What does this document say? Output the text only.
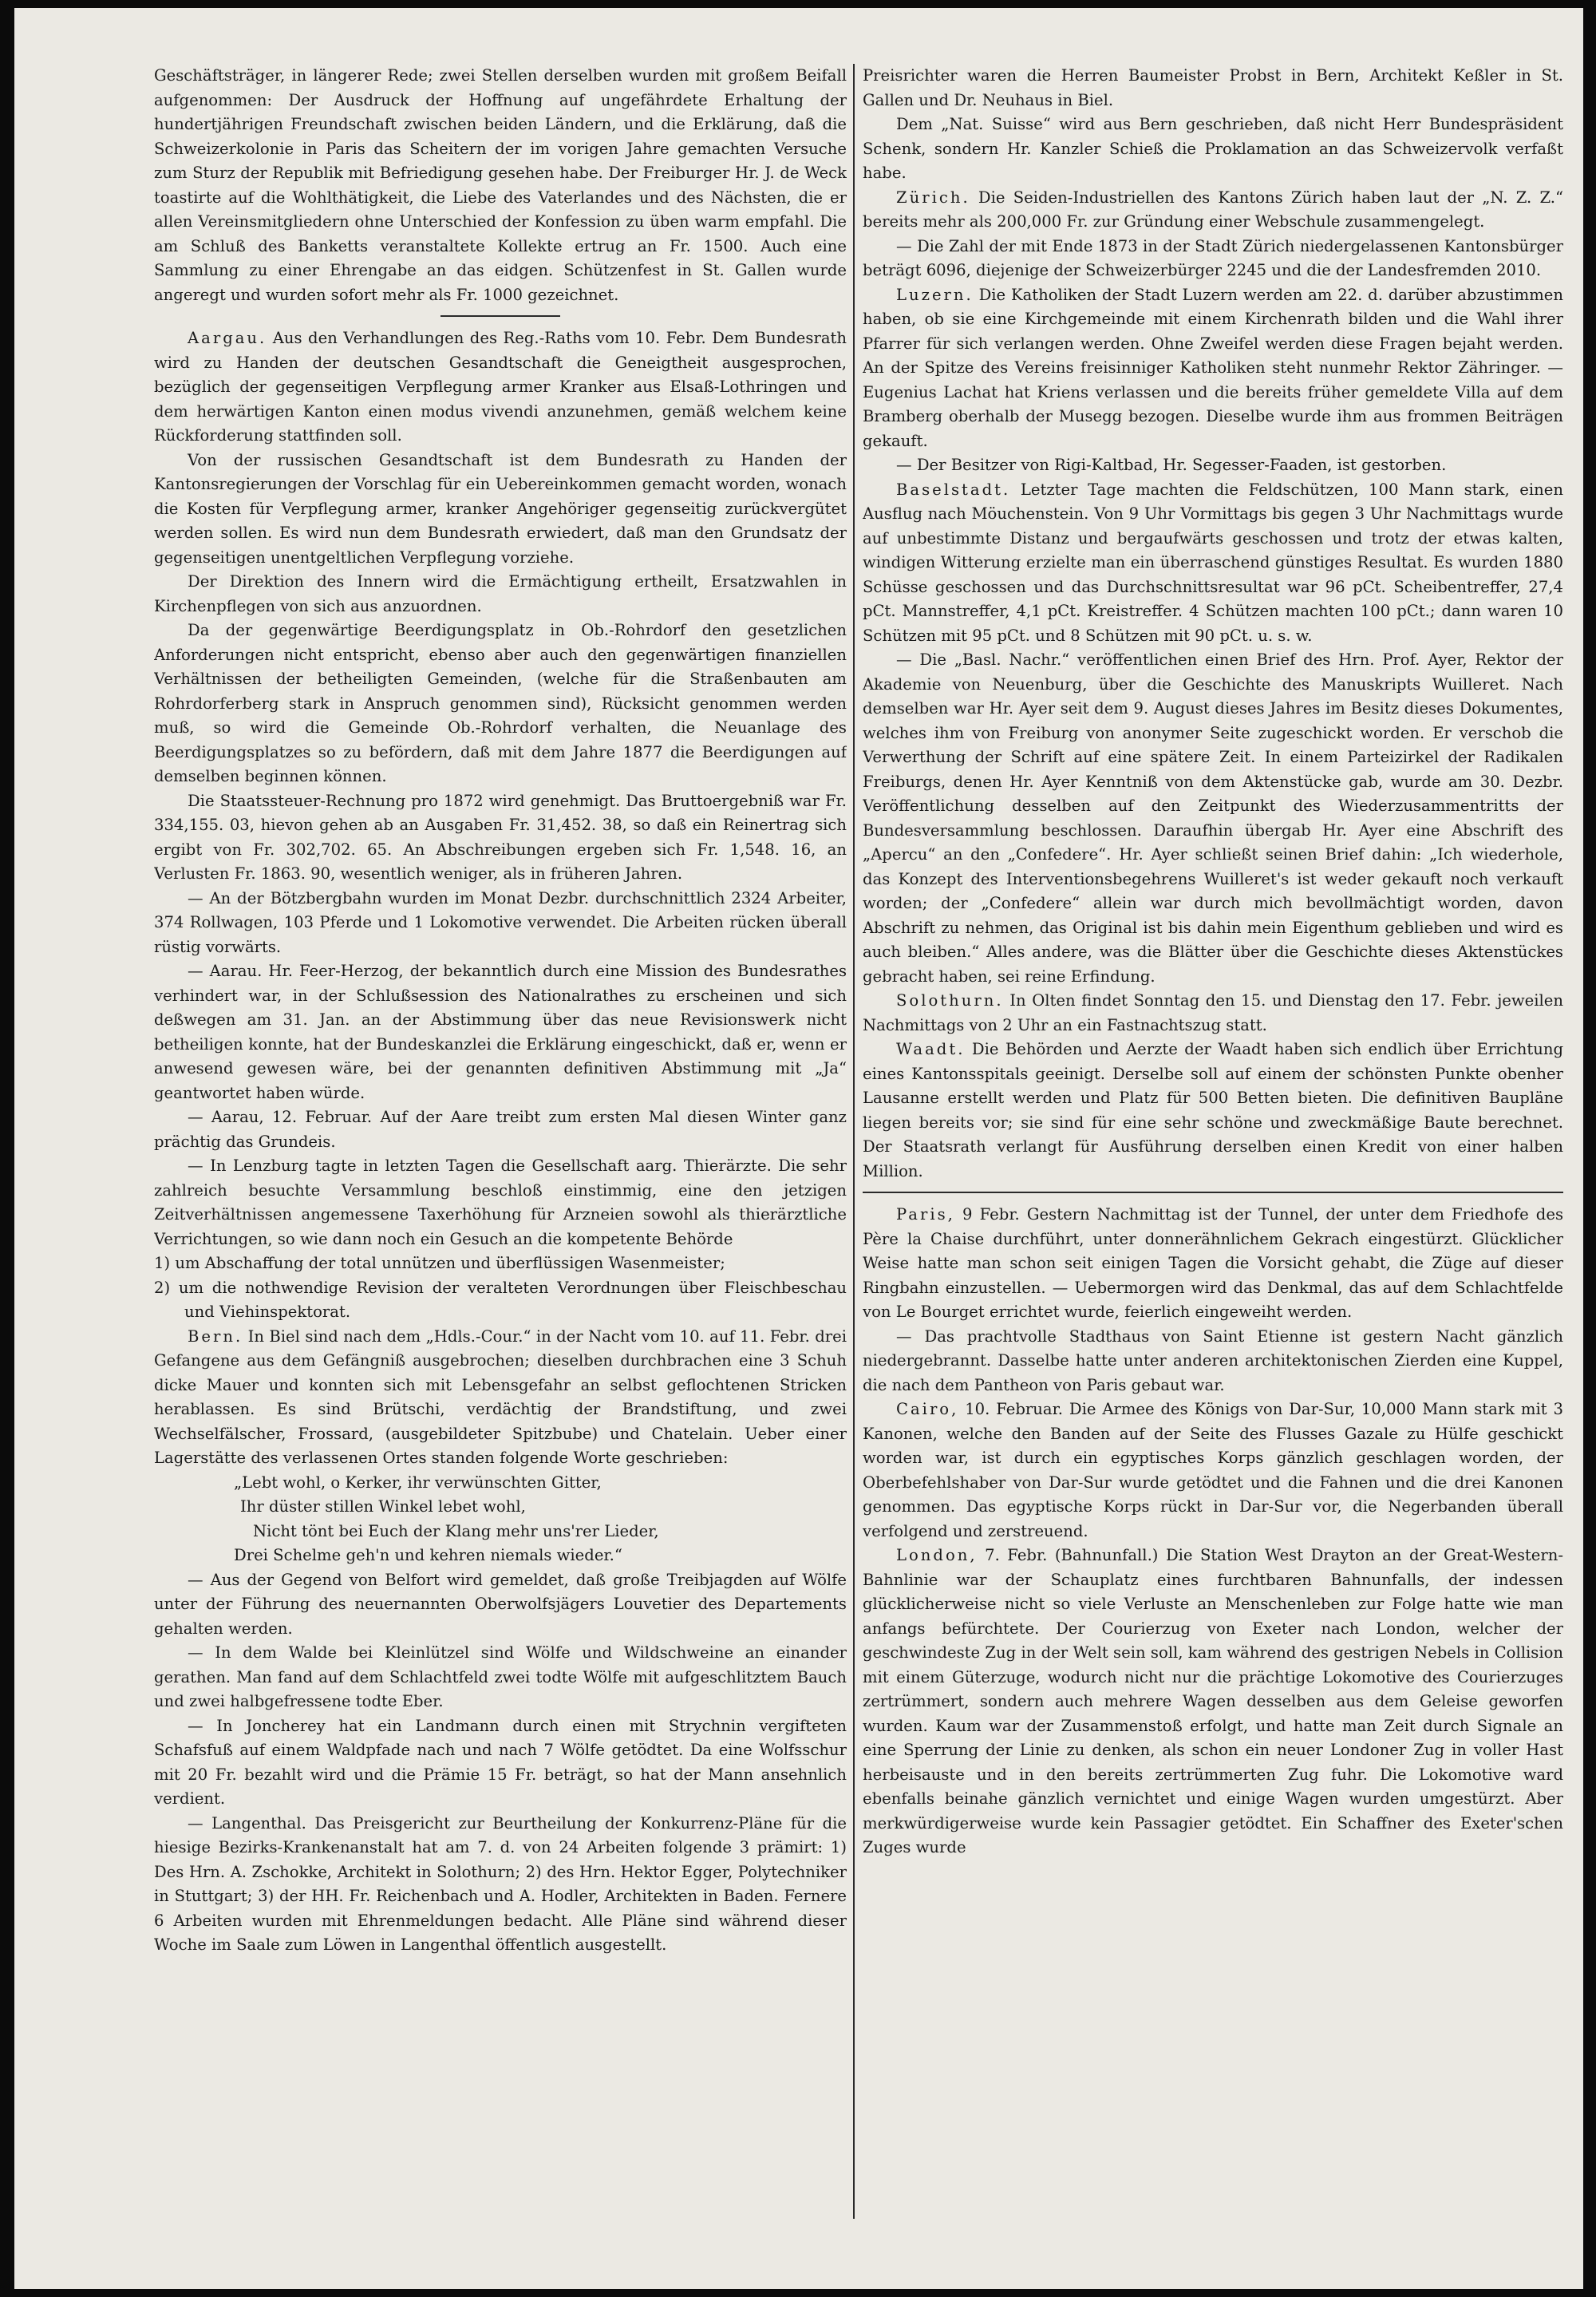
Geschäftsträger, in längerer Rede; zwei Stellen derselben wurden mit großem Beifall aufgenommen: Der Ausdruck der Hoffnung auf ungefährdete Erhaltung der hundertjährigen Freundschaft zwischen beiden Ländern, und die Erklärung, daß die Schweizerkolonie in Paris das Scheitern der im vorigen Jahre gemachten Versuche zum Sturz der Republik mit Befriedigung gesehen habe. Der Freiburger Hr. J. de Weck toastirte auf die Wohlthätigkeit, die Liebe des Vaterlandes und des Nächsten, die er allen Vereinsmitgliedern ohne Unterschied der Konfession zu üben warm empfahl. Die am Schluß des Banketts veranstaltete Kollekte ertrug an Fr. 1500. Auch eine Sammlung zu einer Ehrengabe an das eidgen. Schützenfest in St. Gallen wurde angeregt und wurden sofort mehr als Fr. 1000 gezeichnet.

Aargau. Aus den Verhandlungen des Reg.-Raths vom 10. Febr. Dem Bundesrath wird zu Handen der deutschen Gesandtschaft die Geneigtheit ausgesprochen, bezüglich der gegenseitigen Verpflegung armer Kranker aus Elsaß-Lothringen und dem herwärtigen Kanton einen modus vivendi anzunehmen, gemäß welchem keine Rückforderung stattfinden soll.

Von der russischen Gesandtschaft ist dem Bundesrath zu Handen der Kantonsregierungen der Vorschlag für ein Uebereinkommen gemacht worden, wonach die Kosten für Verpflegung armer, kranker Angehöriger gegenseitig zurückvergütet werden sollen. Es wird nun dem Bundesrath erwiedert, daß man den Grundsatz der gegenseitigen unentgeltlichen Verpflegung vorziehe.

Der Direktion des Innern wird die Ermächtigung ertheilt, Ersatzwahlen in Kirchenpflegen von sich aus anzuordnen.

Da der gegenwärtige Beerdigungsplatz in Ob.-Rohrdorf den gesetzlichen Anforderungen nicht entspricht, ebenso aber auch den gegenwärtigen finanziellen Verhältnissen der betheiligten Gemeinden, (welche für die Straßenbauten am Rohrdorferberg stark in Anspruch genommen sind), Rücksicht genommen werden muß, so wird die Gemeinde Ob.-Rohrdorf verhalten, die Neuanlage des Beerdigungsplatzes so zu befördern, daß mit dem Jahre 1877 die Beerdigungen auf demselben beginnen können.

Die Staatssteuer-Rechnung pro 1872 wird genehmigt. Das Bruttoergebniß war Fr. 334,155. 03, hievon gehen ab an Ausgaben Fr. 31,452. 38, so daß ein Reinertrag sich ergibt von Fr. 302,702. 65. An Abschreibungen ergeben sich Fr. 1,548. 16, an Verlusten Fr. 1863. 90, wesentlich weniger, als in früheren Jahren.

— An der Bötzbergbahn wurden im Monat Dezbr. durchschnittlich 2324 Arbeiter, 374 Rollwagen, 103 Pferde und 1 Lokomotive verwendet. Die Arbeiten rücken überall rüstig vorwärts.

— Aarau. Hr. Feer-Herzog, der bekanntlich durch eine Mission des Bundesrathes verhindert war, in der Schlußsession des Nationalrathes zu erscheinen und sich deßwegen am 31. Jan. an der Abstimmung über das neue Revisionswerk nicht betheiligen konnte, hat der Bundeskanzlei die Erklärung eingeschickt, daß er, wenn er anwesend gewesen wäre, bei der genannten definitiven Abstimmung mit „Ja“ geantwortet haben würde.

— Aarau, 12. Februar. Auf der Aare treibt zum ersten Mal diesen Winter ganz prächtig das Grundeis.

— In Lenzburg tagte in letzten Tagen die Gesellschaft aarg. Thierärzte. Die sehr zahlreich besuchte Versammlung beschloß einstimmig, eine den jetzigen Zeitverhältnissen angemessene Taxerhöhung für Arzneien sowohl als thierärztliche Verrichtungen, so wie dann noch ein Gesuch an die kompetente Behörde

1) um Abschaffung der total unnützen und überflüssigen Wasenmeister;
2) um die nothwendige Revision der veralteten Verordnungen über Fleischbeschau und Viehinspektorat.

Bern. In Biel sind nach dem „Hdls.-Cour.“ in der Nacht vom 10. auf 11. Febr. drei Gefangene aus dem Gefängniß ausgebrochen; dieselben durchbrachen eine 3 Schuh dicke Mauer und konnten sich mit Lebensgefahr an selbst geflochtenen Stricken herablassen. Es sind Brütschi, verdächtig der Brandstiftung, und zwei Wechselfälscher, Frossard, (ausgebildeter Spitzbube) und Chatelain. Ueber einer Lagerstätte des verlassenen Ortes standen folgende Worte geschrieben:

„Lebt wohl, o Kerker, ihr verwünschten Gitter,
Ihr düster stillen Winkel lebet wohl,
Nicht tönt bei Euch der Klang mehr uns'rer Lieder,
Drei Schelme geh'n und kehren niemals wieder.“

— Aus der Gegend von Belfort wird gemeldet, daß große Treibjagden auf Wölfe unter der Führung des neuernannten Oberwolfsjägers Louvetier des Departements gehalten werden.

— In dem Walde bei Kleinlützel sind Wölfe und Wildschweine an einander gerathen. Man fand auf dem Schlachtfeld zwei todte Wölfe mit aufgeschlitztem Bauch und zwei halbgefressene todte Eber.

— In Joncherey hat ein Landmann durch einen mit Strychnin vergifteten Schafsfuß auf einem Waldpfade nach und nach 7 Wölfe getödtet. Da eine Wolfsschur mit 20 Fr. bezahlt wird und die Prämie 15 Fr. beträgt, so hat der Mann ansehnlich verdient.

— Langenthal. Das Preisgericht zur Beurtheilung der Konkurrenz-Pläne für die hiesige Bezirks-Krankenanstalt hat am 7. d. von 24 Arbeiten folgende 3 prämirt: 1) Des Hrn. A. Zschokke, Architekt in Solothurn; 2) des Hrn. Hektor Egger, Polytechniker in Stuttgart; 3) der HH. Fr. Reichenbach und A. Hodler, Architekten in Baden. Fernere 6 Arbeiten wurden mit Ehrenmeldungen bedacht. Alle Pläne sind während dieser Woche im Saale zum Löwen in Langenthal öffentlich ausgestellt.

Preisrichter waren die Herren Baumeister Probst in Bern, Architekt Keßler in St. Gallen und Dr. Neuhaus in Biel.

Dem „Nat. Suisse“ wird aus Bern geschrieben, daß nicht Herr Bundespräsident Schenk, sondern Hr. Kanzler Schieß die Proklamation an das Schweizervolk verfaßt habe.

Zürich. Die Seiden-Industriellen des Kantons Zürich haben laut der „N. Z. Z.“ bereits mehr als 200,000 Fr. zur Gründung einer Webschule zusammengelegt.

— Die Zahl der mit Ende 1873 in der Stadt Zürich niedergelassenen Kantonsbürger beträgt 6096, diejenige der Schweizerbürger 2245 und die der Landesfremden 2010.

Luzern. Die Katholiken der Stadt Luzern werden am 22. d. darüber abzustimmen haben, ob sie eine Kirchgemeinde mit einem Kirchenrath bilden und die Wahl ihrer Pfarrer für sich verlangen werden. Ohne Zweifel werden diese Fragen bejaht werden. An der Spitze des Vereins freisinniger Katholiken steht nunmehr Rektor Zähringer. — Eugenius Lachat hat Kriens verlassen und die bereits früher gemeldete Villa auf dem Bramberg oberhalb der Musegg bezogen. Dieselbe wurde ihm aus frommen Beiträgen gekauft.

— Der Besitzer von Rigi-Kaltbad, Hr. Segesser-Faaden, ist gestorben.

Baselstadt. Letzter Tage machten die Feldschützen, 100 Mann stark, einen Ausflug nach Möuchenstein. Von 9 Uhr Vormittags bis gegen 3 Uhr Nachmittags wurde auf unbestimmte Distanz und bergaufwärts geschossen und trotz der etwas kalten, windigen Witterung erzielte man ein überraschend günstiges Resultat. Es wurden 1880 Schüsse geschossen und das Durchschnittsresultat war 96 pCt. Scheibentreffer, 27,4 pCt. Mannstreffer, 4,1 pCt. Kreistreffer. 4 Schützen machten 100 pCt.; dann waren 10 Schützen mit 95 pCt. und 8 Schützen mit 90 pCt. u. s. w.

— Die „Basl. Nachr.“ veröffentlichen einen Brief des Hrn. Prof. Ayer, Rektor der Akademie von Neuenburg, über die Geschichte des Manuskripts Wuilleret. Nach demselben war Hr. Ayer seit dem 9. August dieses Jahres im Besitz dieses Dokumentes, welches ihm von Freiburg von anonymer Seite zugeschickt worden. Er verschob die Verwerthung der Schrift auf eine spätere Zeit. In einem Parteizirkel der Radikalen Freiburgs, denen Hr. Ayer Kenntniß von dem Aktenstücke gab, wurde am 30. Dezbr. Veröffentlichung desselben auf den Zeitpunkt des Wiederzusammentritts der Bundesversammlung beschlossen. Daraufhin übergab Hr. Ayer eine Abschrift des „Apercu“ an den „Confedere“. Hr. Ayer schließt seinen Brief dahin: „Ich wiederhole, das Konzept des Interventionsbegehrens Wuilleret's ist weder gekauft noch verkauft worden; der „Confedere“ allein war durch mich bevollmächtigt worden, davon Abschrift zu nehmen, das Original ist bis dahin mein Eigenthum geblieben und wird es auch bleiben.“ Alles andere, was die Blätter über die Geschichte dieses Aktenstückes gebracht haben, sei reine Erfindung.

Solothurn. In Olten findet Sonntag den 15. und Dienstag den 17. Febr. jeweilen Nachmittags von 2 Uhr an ein Fastnachtszug statt.

Waadt. Die Behörden und Aerzte der Waadt haben sich endlich über Errichtung eines Kantonsspitals geeinigt. Derselbe soll auf einem der schönsten Punkte obenher Lausanne erstellt werden und Platz für 500 Betten bieten. Die definitiven Baupläne liegen bereits vor; sie sind für eine sehr schöne und zweckmäßige Baute berechnet. Der Staatsrath verlangt für Ausführung derselben einen Kredit von einer halben Million.

Paris, 9 Febr. Gestern Nachmittag ist der Tunnel, der unter dem Friedhofe des Père la Chaise durchführt, unter donnerähnlichem Gekrach eingestürzt. Glücklicher Weise hatte man schon seit einigen Tagen die Vorsicht gehabt, die Züge auf dieser Ringbahn einzustellen. — Uebermorgen wird das Denkmal, das auf dem Schlachtfelde von Le Bourget errichtet wurde, feierlich eingeweiht werden.

— Das prachtvolle Stadthaus von Saint Etienne ist gestern Nacht gänzlich niedergebrannt. Dasselbe hatte unter anderen architektonischen Zierden eine Kuppel, die nach dem Pantheon von Paris gebaut war.

Cairo, 10. Februar. Die Armee des Königs von Dar-Sur, 10,000 Mann stark mit 3 Kanonen, welche den Banden auf der Seite des Flusses Gazale zu Hülfe geschickt worden war, ist durch ein egyptisches Korps gänzlich geschlagen worden, der Oberbefehlshaber von Dar-Sur wurde getödtet und die Fahnen und die drei Kanonen genommen. Das egyptische Korps rückt in Dar-Sur vor, die Negerbanden überall verfolgend und zerstreuend.

London, 7. Febr. (Bahnunfall.) Die Station West Drayton an der Great-Western-Bahnlinie war der Schauplatz eines furchtbaren Bahnunfalls, der indessen glücklicherweise nicht so viele Verluste an Menschenleben zur Folge hatte wie man anfangs befürchtete. Der Courierzug von Exeter nach London, welcher der geschwindeste Zug in der Welt sein soll, kam während des gestrigen Nebels in Collision mit einem Güterzuge, wodurch nicht nur die prächtige Lokomotive des Courierzuges zertrümmert, sondern auch mehrere Wagen desselben aus dem Geleise geworfen wurden. Kaum war der Zusammenstoß erfolgt, und hatte man Zeit durch Signale an eine Sperrung der Linie zu denken, als schon ein neuer Londoner Zug in voller Hast herbeisauste und in den bereits zertrümmerten Zug fuhr. Die Lokomotive ward ebenfalls beinahe gänzlich vernichtet und einige Wagen wurden umgestürzt. Aber merkwürdigerweise wurde kein Passagier getödtet. Ein Schaffner des Exeter'schen Zuges wurde
